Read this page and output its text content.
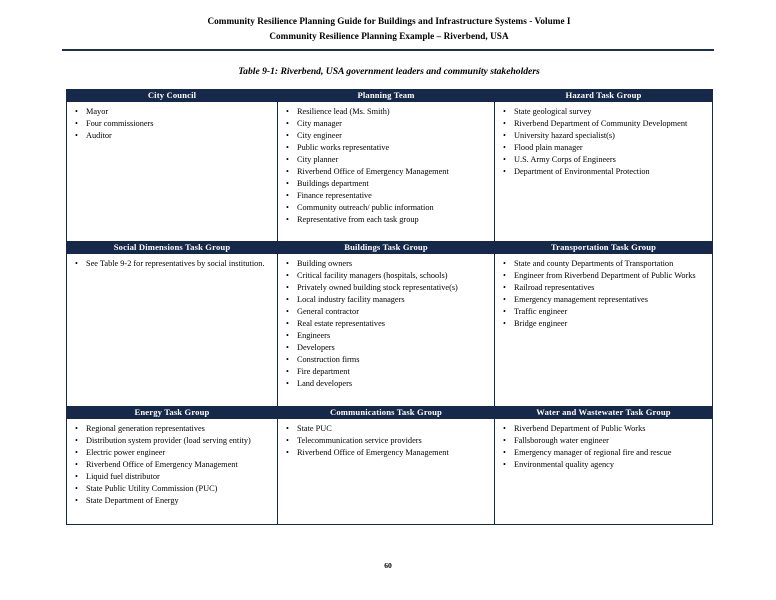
Community Resilience Planning Guide for Buildings and Infrastructure Systems - Volume I
Community Resilience Planning Example – Riverbend, USA
Table 9-1: Riverbend, USA government leaders and community stakeholders
City Council	Planning Team	Hazard Task Group

• Mayor
• Four commissioners
• Auditor

• Resilience lead (Ms. Smith)
• City manager
• City engineer
• Public works representative
• City planner
• Riverbend Office of Emergency Management
• Buildings department
• Finance representative
• Community outreach/ public information
• Representative from each task group

• State geological survey
• Riverbend Department of Community Development
• University hazard specialist(s)
• Flood plain manager
• U.S. Army Corps of Engineers
• Department of Environmental Protection

Social Dimensions Task Group	Buildings Task Group	Transportation Task Group

• See Table 9-2 for representatives by social institution.

•Building owners
• Critical facility managers (hospitals, schools)
• Privately owned building stock representative(s)
• Local industry facility managers
• General contractor
• Real estate representatives
• Engineers
• Developers
• Construction firms
• Fire department
• Land developers

• State and county Departments of Transportation
• Engineer from Riverbend Department of Public Works
• Railroad representatives
• Emergency management representatives
• Traffic engineer
• Bridge engineer

Energy Task Group	Communications Task Group	Water and Wastewater Task Group

• Regional generation representatives
• Distribution system provider (load serving entity)
• Electric power engineer
• Riverbend Office of Emergency Management
• Liquid fuel distributor
• State Public Utility Commission (PUC)
• State Department of Energy

• State PUC
• Telecommunication service providers
• Riverbend Office of Emergency Management

• Riverbend Department of Public Works
• Fallsborough water engineer
• Emergency manager of regional fire and rescue
• Environmental quality agency
60
